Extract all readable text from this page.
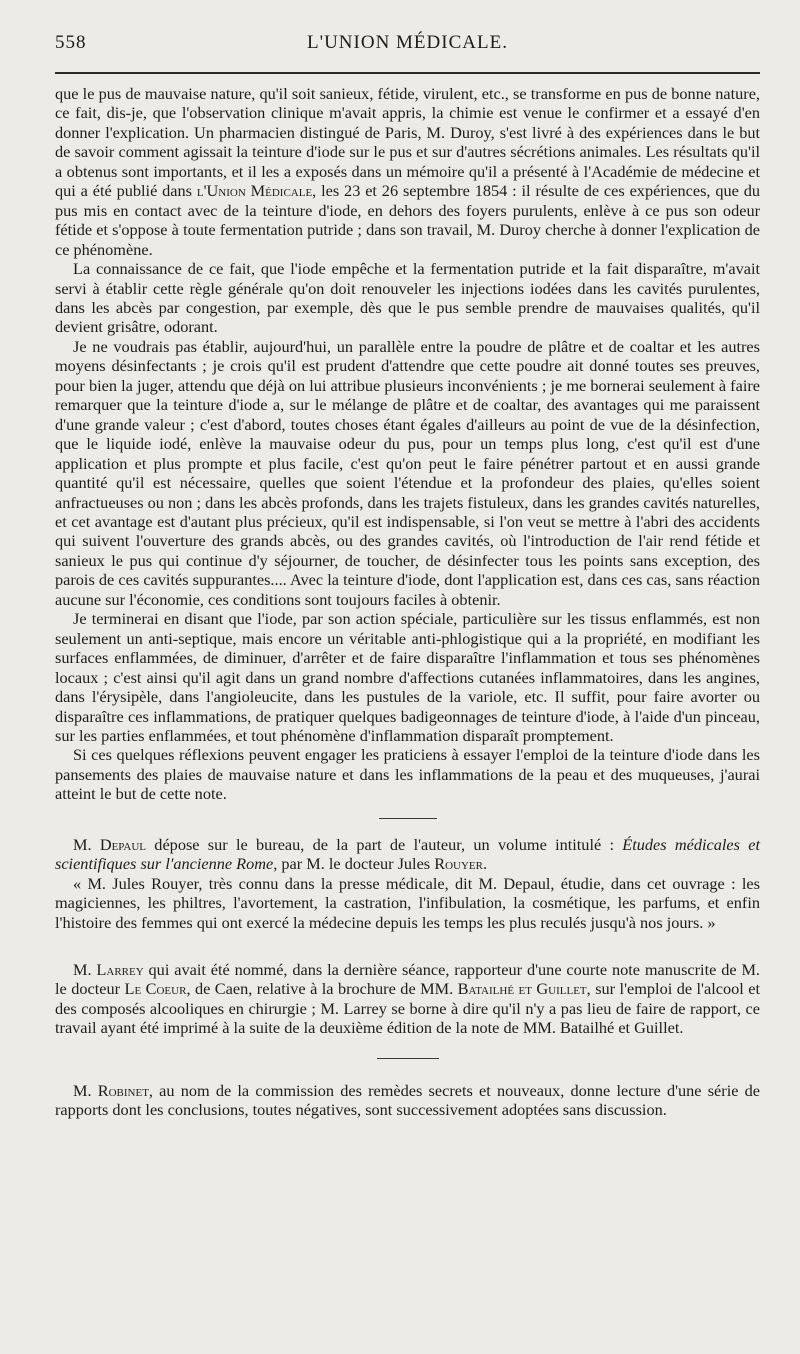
558	L'UNION MÉDICALE.

que le pus de mauvaise nature, qu'il soit sanieux, fétide, virulent, etc., se transforme en pus de bonne nature, ce fait, dis-je, que l'observation clinique m'avait appris, la chimie est venue le confirmer et a essayé d'en donner l'explication. Un pharmacien distingué de Paris, M. Duroy, s'est livré à des expériences dans le but de savoir comment agissait la teinture d'iode sur le pus et sur d'autres sécrétions animales. Les résultats qu'il a obtenus sont importants, et il les a exposés dans un mémoire qu'il a présenté à l'Académie de médecine et qui a été publié dans l'Union Médicale, les 23 et 26 septembre 1854 : il résulte de ces expériences, que du pus mis en contact avec de la teinture d'iode, en dehors des foyers purulents, enlève à ce pus son odeur fétide et s'oppose à toute fermentation putride ; dans son travail, M. Duroy cherche à donner l'explication de ce phénomène.

La connaissance de ce fait, que l'iode empêche et la fermentation putride et la fait disparaître, m'avait servi à établir cette règle générale qu'on doit renouveler les injections iodées dans les cavités purulentes, dans les abcès par congestion, par exemple, dès que le pus semble prendre de mauvaises qualités, qu'il devient grisâtre, odorant.

Je ne voudrais pas établir, aujourd'hui, un parallèle entre la poudre de plâtre et de coaltar et les autres moyens désinfectants ; je crois qu'il est prudent d'attendre que cette poudre ait donné toutes ses preuves, pour bien la juger, attendu que déjà on lui attribue plusieurs inconvénients ; je me bornerai seulement à faire remarquer que la teinture d'iode a, sur le mélange de plâtre et de coaltar, des avantages qui me paraissent d'une grande valeur ; c'est d'abord, toutes choses étant égales d'ailleurs au point de vue de la désinfection, que le liquide iodé, enlève la mauvaise odeur du pus, pour un temps plus long, c'est qu'il est d'une application et plus prompte et plus facile, c'est qu'on peut le faire pénétrer partout et en aussi grande quantité qu'il est nécessaire, quelles que soient l'étendue et la profondeur des plaies, qu'elles soient anfractueuses ou non ; dans les abcès profonds, dans les trajets fistuleux, dans les grandes cavités naturelles, et cet avantage est d'autant plus précieux, qu'il est indispensable, si l'on veut se mettre à l'abri des accidents qui suivent l'ouverture des grands abcès, ou des grandes cavités, où l'introduction de l'air rend fétide et sanieux le pus qui continue d'y séjourner, de toucher, de désinfecter tous les points sans exception, des parois de ces cavités suppurantes.... Avec la teinture d'iode, dont l'application est, dans ces cas, sans réaction aucune sur l'économie, ces conditions sont toujours faciles à obtenir.

Je terminerai en disant que l'iode, par son action spéciale, particulière sur les tissus enflammés, est non seulement un anti-septique, mais encore un véritable anti-phlogistique qui a la propriété, en modifiant les surfaces enflammées, de diminuer, d'arrêter et de faire disparaître l'inflammation et tous ses phénomènes locaux ; c'est ainsi qu'il agit dans un grand nombre d'affections cutanées inflammatoires, dans les angines, dans l'érysipèle, dans l'angioleucite, dans les pustules de la variole, etc. Il suffit, pour faire avorter ou disparaître ces inflammations, de pratiquer quelques badigeonnages de teinture d'iode, à l'aide d'un pinceau, sur les parties enflammées, et tout phénomène d'inflammation disparaît promptement.

Si ces quelques réflexions peuvent engager les praticiens à essayer l'emploi de la teinture d'iode dans les pansements des plaies de mauvaise nature et dans les inflammations de la peau et des muqueuses, j'aurai atteint le but de cette note.

M. Depaul dépose sur le bureau, de la part de l'auteur, un volume intitulé : Études médicales et scientifiques sur l'ancienne Rome, par M. le docteur Jules Rouyer.

« M. Jules Rouyer, très connu dans la presse médicale, dit M. Depaul, étudie, dans cet ouvrage : les magiciennes, les philtres, l'avortement, la castration, l'infibulation, la cosmétique, les parfums, et enfin l'histoire des femmes qui ont exercé la médecine depuis les temps les plus reculés jusqu'à nos jours. »

M. Larrey qui avait été nommé, dans la dernière séance, rapporteur d'une courte note manuscrite de M. le docteur Le Coeur, de Caen, relative à la brochure de MM. Batailhé et Guillet, sur l'emploi de l'alcool et des composés alcooliques en chirurgie ; M. Larrey se borne à dire qu'il n'y a pas lieu de faire de rapport, ce travail ayant été imprimé à la suite de la deuxième édition de la note de MM. Batailhé et Guillet.

M. Robinet, au nom de la commission des remèdes secrets et nouveaux, donne lecture d'une série de rapports dont les conclusions, toutes négatives, sont successivement adoptées sans discussion.
